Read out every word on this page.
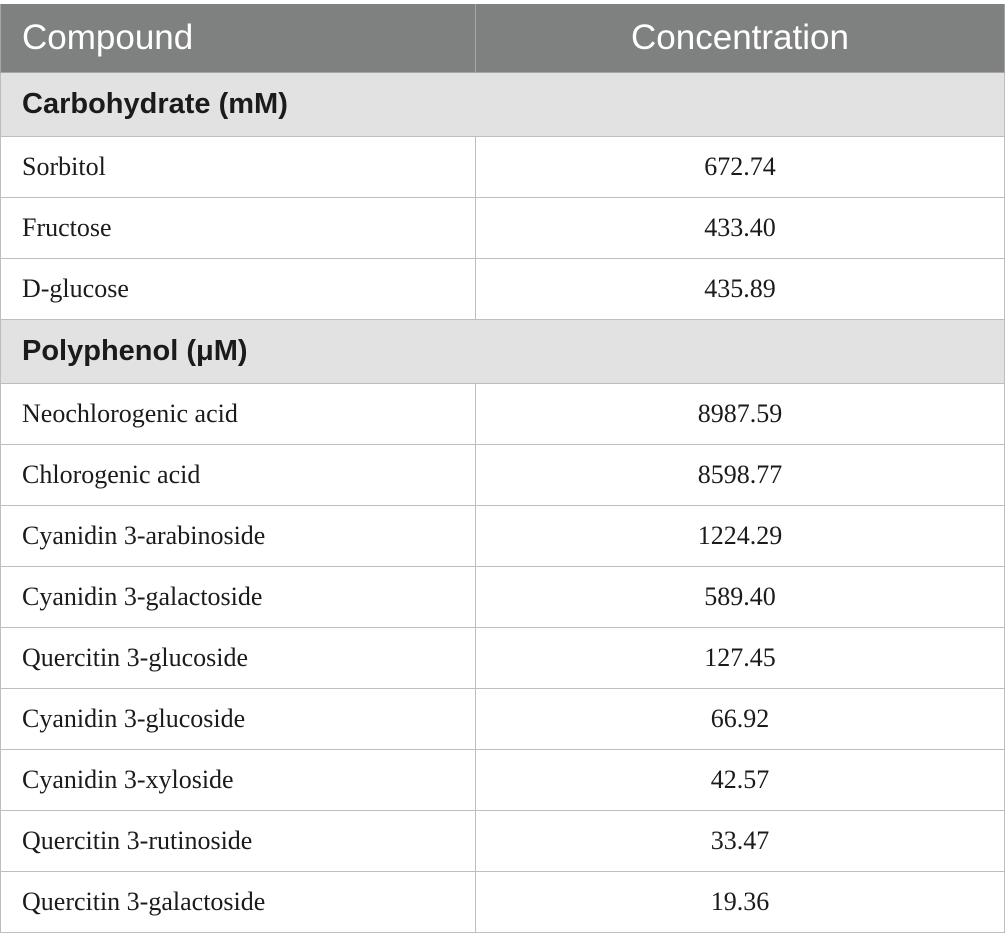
Compound	Concentration
Carbohydrate (mM)	
Sorbitol	672.74
Fructose	433.40
D-glucose	435.89
Polyphenol (μM)	
Neochlorogenic acid	8987.59
Chlorogenic acid	8598.77
Cyanidin 3-arabinoside	1224.29
Cyanidin 3-galactoside	589.40
Quercitin 3-glucoside	127.45
Cyanidin 3-glucoside	66.92
Cyanidin 3-xyloside	42.57
Quercitin 3-rutinoside	33.47
Quercitin 3-galactoside	19.36
